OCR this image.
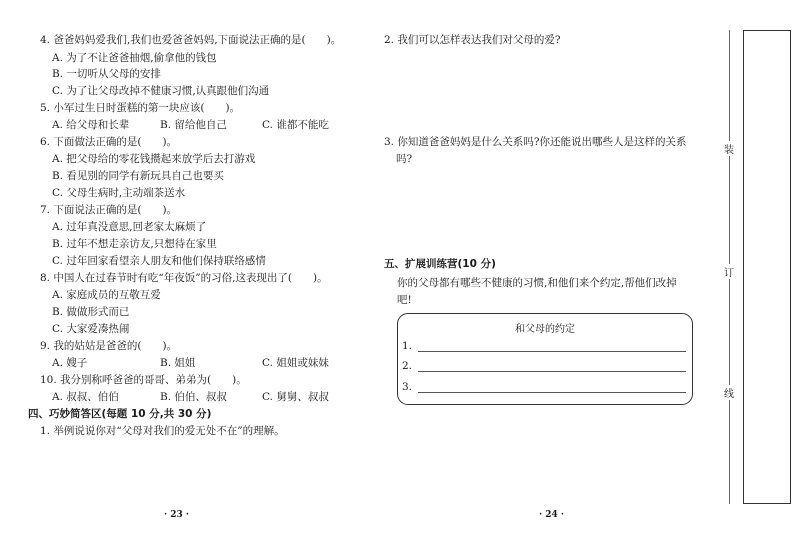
4. 爸爸妈妈爱我们,我们也爱爸爸妈妈,下面说法正确的是(　　)。
A. 为了不让爸爸抽烟,偷拿他的钱包
B. 一切听从父母的安排
C. 为了让父母改掉不健康习惯,认真跟他们沟通
5. 小军过生日时蛋糕的第一块应该(　　)。
A. 给父母和长辈	B. 留给他自己	C. 谁都不能吃
6. 下面做法正确的是(　　)。
A. 把父母给的零花钱攒起来放学后去打游戏
B. 看见别的同学有新玩具自己也要买
C. 父母生病时,主动端茶送水
7. 下面说法正确的是(　　)。
A. 过年真没意思,回老家太麻烦了
B. 过年不想走亲访友,只想待在家里
C. 过年回家看望亲人朋友和他们保持联络感情
8. 中国人在过春节时有吃“年夜饭”的习俗,这表现出了(　　)。
A. 家庭成员的互敬互爱
B. 做做形式而已
C. 大家爱凑热闹
9. 我的姑姑是爸爸的(　　)。
A. 嫂子	B. 姐姐	C. 姐姐或妹妹
10. 我分别称呼爸爸的哥哥、弟弟为(　　)。
A. 叔叔、伯伯	B. 伯伯、叔叔	C. 舅舅、叔叔
四、巧妙简答区(每题 10 分,共 30 分)
1. 举例说说你对“父母对我们的爱无处不在”的理解。
· 23 ·
2. 我们可以怎样表达我们对父母的爱?
3. 你知道爸爸妈妈是什么关系吗?你还能说出哪些人是这样的关系
吗?
五、扩展训练营(10 分)
你的父母都有哪些不健康的习惯,和他们来个约定,帮他们改掉
吧!
和父母的约定
1.
2.
3.
· 24 ·
装
订
线
